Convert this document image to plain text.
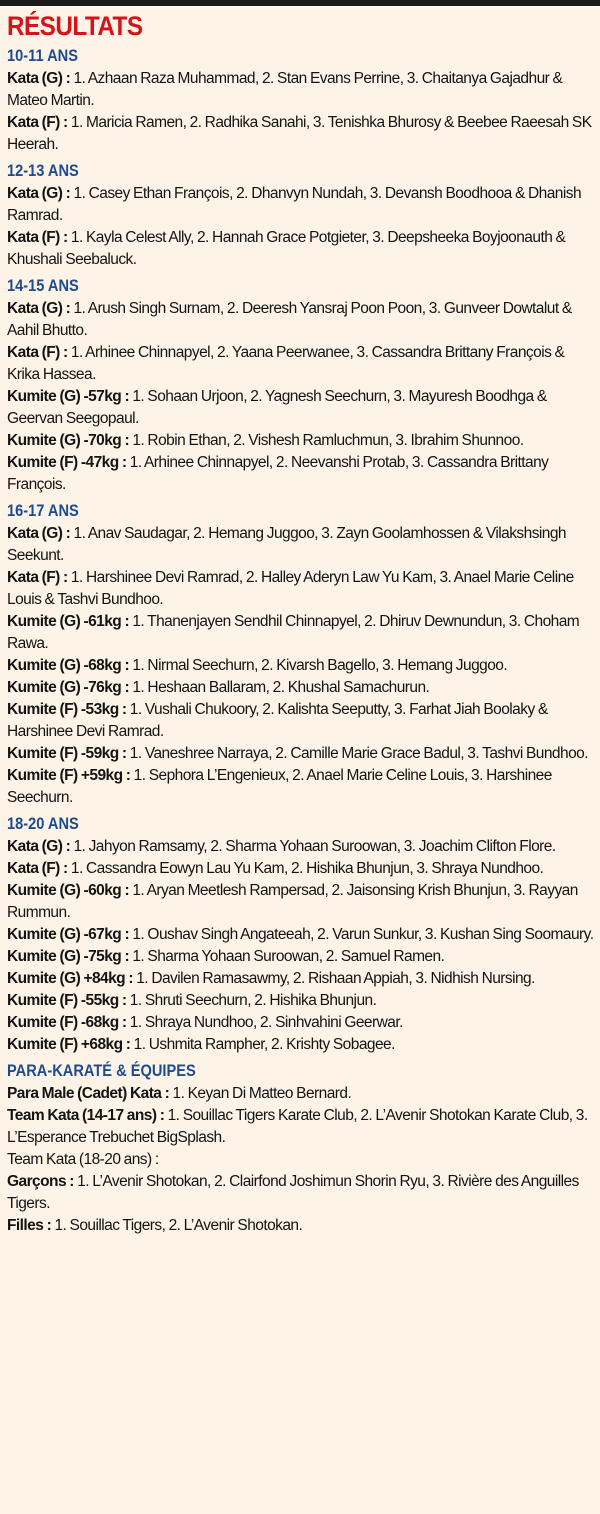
RÉSULTATS
10-11 ANS
Kata (G) : 1. Azhaan Raza Muhammad, 2. Stan Evans Perrine, 3. Chaitanya Gajadhur & Mateo Martin.
Kata (F) : 1. Maricia Ramen, 2. Radhika Sanahi, 3. Tenishka Bhurosy & Beebee Raeesah SK Heerah.
12-13 ANS
Kata (G) : 1. Casey Ethan François, 2. Dhanvyn Nundah, 3. Devansh Boodhooa & Dhanish Ramrad.
Kata (F) : 1. Kayla Celest Ally, 2. Hannah Grace Potgieter, 3. Deepsheeka Boyjoonauth & Khushali Seebaluck.
14-15 ANS
Kata (G) : 1. Arush Singh Surnam, 2. Deeresh Yansraj Poon Poon, 3. Gunveer Dowtalut & Aahil Bhutto.
Kata (F) : 1. Arhinee Chinnapyel, 2. Yaana Peerwanee, 3. Cassandra Brittany François & Krika Hassea.
Kumite (G) -57kg : 1. Sohaan Urjoon, 2. Yagnesh Seechurn, 3. Mayuresh Boodhga & Geervan Seegopaul.
Kumite (G) -70kg : 1. Robin Ethan, 2. Vishesh Ramluchmun, 3. Ibrahim Shunnoo.
Kumite (F) -47kg : 1. Arhinee Chinnapyel, 2. Neevanshi Protab, 3. Cassandra Brittany François.
16-17 ANS
Kata (G) : 1. Anav Saudagar, 2. Hemang Juggoo, 3. Zayn Goolamhossen & Vilakshsingh Seekunt.
Kata (F) : 1. Harshinee Devi Ramrad, 2. Halley Aderyn Law Yu Kam, 3. Anael Marie Celine Louis & Tashvi Bundhoo.
Kumite (G) -61kg : 1. Thanenjayen Sendhil Chinnapyel, 2. Dhiruv Dewnundun, 3. Choham Rawa.
Kumite (G) -68kg : 1. Nirmal Seechurn, 2. Kivarsh Bagello, 3. Hemang Juggoo.
Kumite (G) -76kg : 1. Heshaan Ballaram, 2. Khushal Samachurun.
Kumite (F) -53kg : 1. Vushali Chukoory, 2. Kalishta Seeputty, 3. Farhat Jiah Boolaky & Harshinee Devi Ramrad.
Kumite (F) -59kg : 1. Vaneshree Narraya, 2. Camille Marie Grace Badul, 3. Tashvi Bundhoo.
Kumite (F) +59kg : 1. Sephora L’Engenieux, 2. Anael Marie Celine Louis, 3. Harshinee Seechurn.
18-20 ANS
Kata (G) : 1. Jahyon Ramsamy, 2. Sharma Yohaan Suroowan, 3. Joachim Clifton Flore.
Kata (F) : 1. Cassandra Eowyn Lau Yu Kam, 2. Hishika Bhunjun, 3. Shraya Nundhoo.
Kumite (G) -60kg : 1. Aryan Meetlesh Rampersad, 2. Jaisonsing Krish Bhunjun, 3. Rayyan Rummun.
Kumite (G) -67kg : 1. Oushav Singh Angateeah, 2. Varun Sunkur, 3. Kushan Sing Soomaury.
Kumite (G) -75kg : 1. Sharma Yohaan Suroowan, 2. Samuel Ramen.
Kumite (G) +84kg : 1. Davilen Ramasawmy, 2. Rishaan Appiah, 3. Nidhish Nursing.
Kumite (F) -55kg : 1. Shruti Seechurn, 2. Hishika Bhunjun.
Kumite (F) -68kg : 1. Shraya Nundhoo, 2. Sinhvahini Geerwar.
Kumite (F) +68kg : 1. Ushmita Rampher, 2. Krishty Sobagee.
PARA-KARATÉ & ÉQUIPES
Para Male (Cadet) Kata : 1. Keyan Di Matteo Bernard.
Team Kata (14-17 ans) : 1. Souillac Tigers Karate Club, 2. L’Avenir Shotokan Karate Club, 3. L’Esperance Trebuchet BigSplash.
Team Kata (18-20 ans) :
Garçons : 1. L’Avenir Shotokan, 2. Clairfond Joshimun Shorin Ryu, 3. Rivière des Anguilles Tigers.
Filles : 1. Souillac Tigers, 2. L’Avenir Shotokan.
